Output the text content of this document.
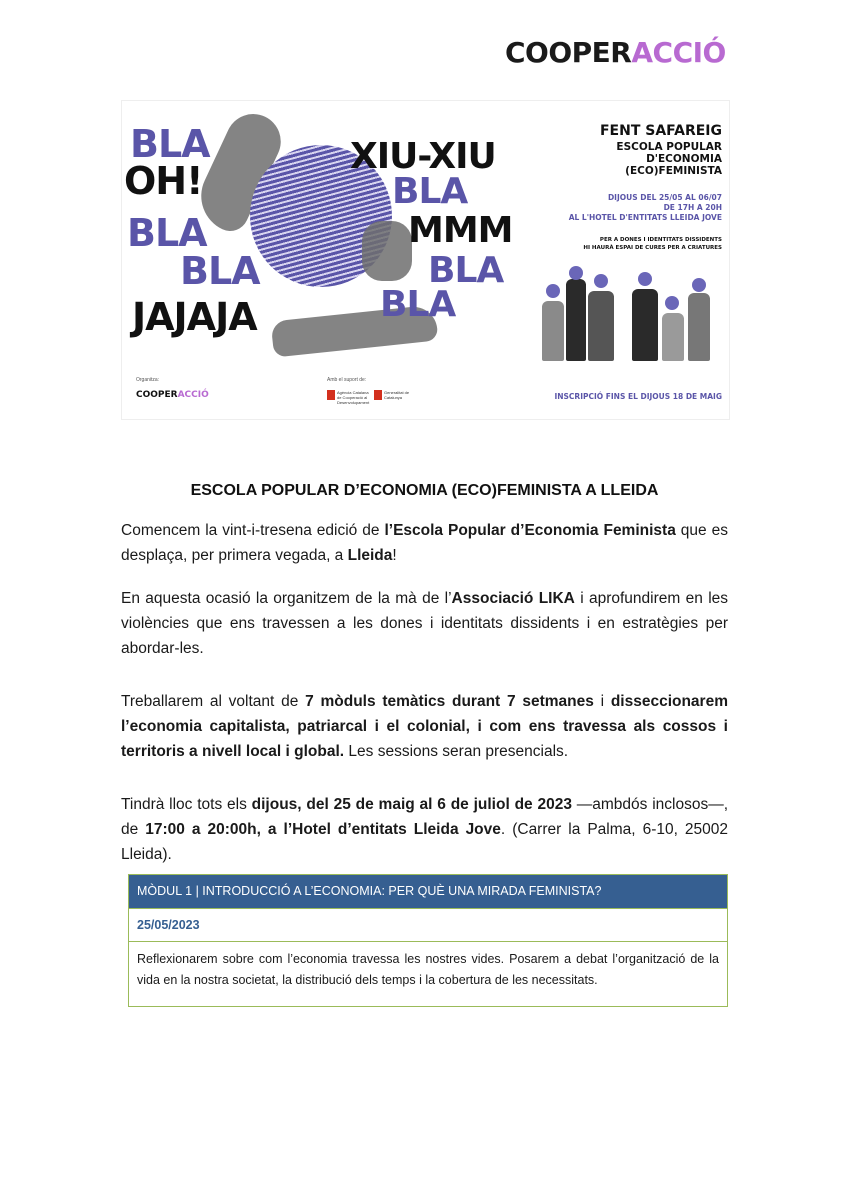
COOPERACCIÓ
BLA
OH!
BLA
BLA
JAJAJA
XIU-XIU
BLA
MMM
BLA
BLA
FENT SAFAREIG
ESCOLA POPULAR
D'ECONOMIA (ECO)FEMINISTA
DIJOUS DEL 25/05 AL 06/07
DE 17H A 20H
AL L'HOTEL D'ENTITATS LLEIDA JOVE
PER A DONES I IDENTITATS DISSIDENTS
HI HAURÀ ESPAI DE CURES PER A CRIATURES
Organitza:
COOPERACCIÓ
Amb el suport de:
Agència Catalana de Cooperació al Desenvolupament
Generalitat de Catalunya	INSCRIPCIÓ FINS EL DIJOUS 18 DE MAIG
ESCOLA POPULAR D’ECONOMIA (ECO)FEMINISTA A LLEIDA

Comencem la vint-i-tresena edició de l’Escola Popular d’Economia Feminista que es desplaça, per primera vegada, a Lleida!

En aquesta ocasió la organitzem de la mà de l’Associació LIKA i aprofundirem en les violències que ens travessen a les dones i identitats dissidents i en estratègies per abordar-les.

Treballarem al voltant de 7 mòduls temàtics durant 7 setmanes i disseccionarem l’economia capitalista, patriarcal i el colonial, i com ens travessa als cossos i territoris a nivell local i global. Les sessions seran presencials.

Tindrà lloc tots els dijous, del 25 de maig al 6 de juliol de 2023 —ambdós inclosos—, de 17:00 a 20:00h, a l’Hotel d’entitats Lleida Jove. (Carrer la Palma, 6-10, 25002 Lleida).

MÒDUL 1 | INTRODUCCIÓ A L’ECONOMIA: PER QUÈ UNA MIRADA FEMINISTA?
25/05/2023
Reflexionarem sobre com l’economia travessa les nostres vides. Posarem a debat l’organització de la vida en la nostra societat, la distribució dels temps i la cobertura de les necessitats.
